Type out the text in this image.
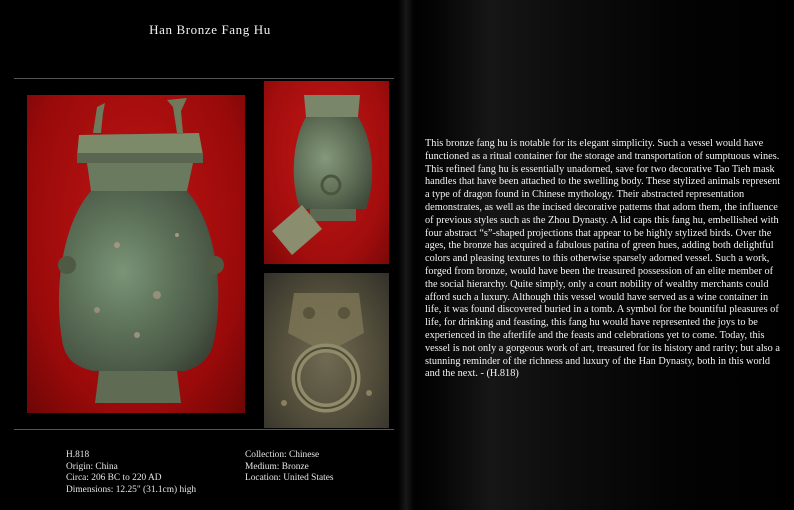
Han Bronze Fang Hu
This bronze fang hu is notable for its elegant simplicity. Such a vessel would have
functioned as a ritual container for the storage and transportation of sumptuous wines.
This refined fang hu is essentially unadorned, save for two decorative Tao Tieh mask
handles that have been attached to the swelling body. These stylized animals represent
a type of dragon found in Chinese mythology. Their abstracted representation
demonstrates, as well as the incised decorative patterns that adorn them, the influence
of previous styles such as the Zhou Dynasty. A lid caps this fang hu, embellished with
four abstract “s”-shaped projections that appear to be highly stylized birds. Over the
ages, the bronze has acquired a fabulous patina of green hues, adding both delightful
colors and pleasing textures to this otherwise sparsely adorned vessel. Such a work,
forged from bronze, would have been the treasured possession of an elite member of
the social hierarchy. Quite simply, only a court nobility of wealthy merchants could
afford such a luxury. Although this vessel would have served as a wine container in
life, it was found discovered buried in a tomb. A symbol for the bountiful pleasures of
life, for drinking and feasting, this fang hu would have represented the joys to be
experienced in the afterlife and the feasts and celebrations yet to come. Today, this
vessel is not only a gorgeous work of art, treasured for its history and rarity; but also a
stunning reminder of the richness and luxury of the Han Dynasty, both in this world
and the next. - (H.818)
H.818
Origin: China
Circa: 206 BC to 220 AD
Dimensions: 12.25" (31.1cm) high
Collection: Chinese
Medium: Bronze
Location: United States
